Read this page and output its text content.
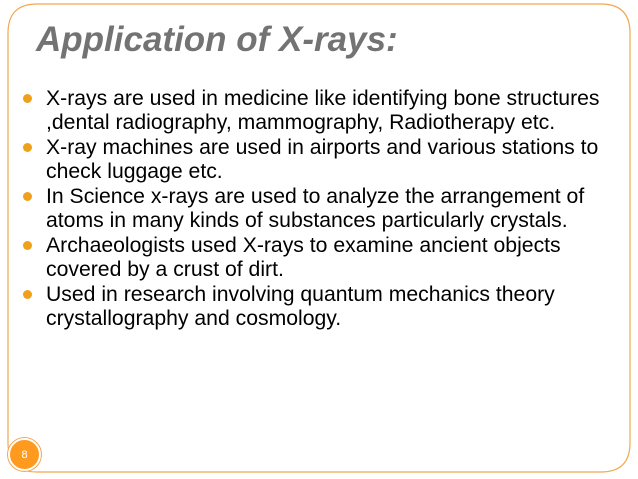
Application of X-rays:
X-rays are used in medicine like identifying bone structures ,dental radiography, mammography, Radiotherapy etc.
X-ray machines are used in airports and various stations to check luggage etc.
In Science x-rays are used to analyze the arrangement of atoms in many kinds of substances particularly crystals.
Archaeologists used X-rays to examine ancient objects covered by a crust of dirt.
Used in research involving quantum mechanics theory crystallography and cosmology.
8
